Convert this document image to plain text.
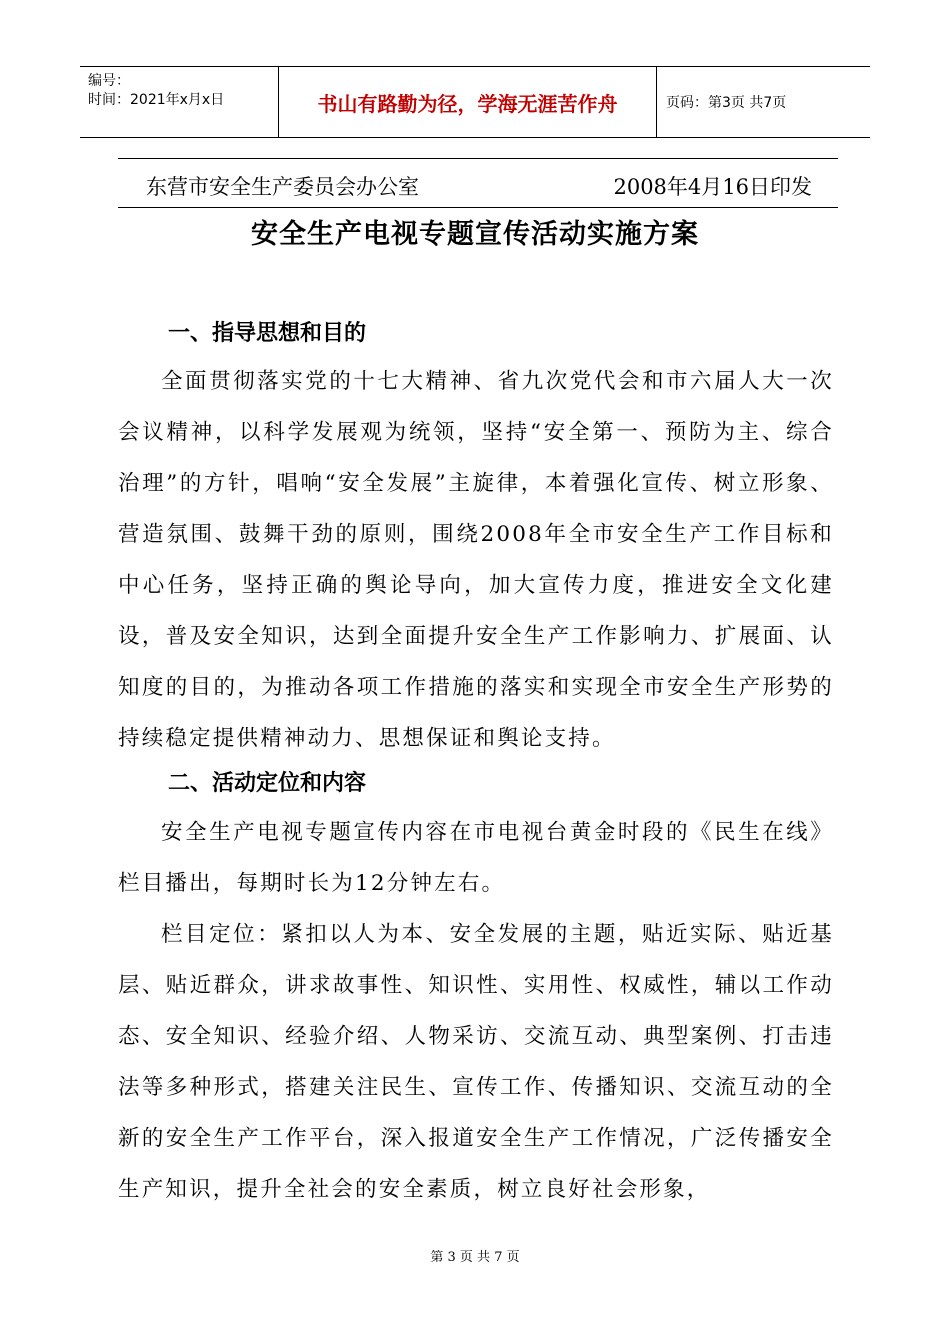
编号：
时间：2021年x月x日	书山有路勤为径，学海无涯苦作舟	页码：第3页 共7页
东营市安全生产委员会办公室	2008年4月16日印发
安全生产电视专题宣传活动实施方案
一、指导思想和目的

全面贯彻落实党的十七大精神、省九次党代会和市六届人大一次会议精神，以科学发展观为统领，坚持“安全第一、预防为主、综合治理”的方针，唱响“安全发展”主旋律，本着强化宣传、树立形象、营造氛围、鼓舞干劲的原则，围绕2008年全市安全生产工作目标和中心任务，坚持正确的舆论导向，加大宣传力度，推进安全文化建设，普及安全知识，达到全面提升安全生产工作影响力、扩展面、认知度的目的，为推动各项工作措施的落实和实现全市安全生产形势的持续稳定提供精神动力、思想保证和舆论支持。

二、活动定位和内容

安全生产电视专题宣传内容在市电视台黄金时段的《民生在线》栏目播出，每期时长为12分钟左右。

栏目定位：紧扣以人为本、安全发展的主题，贴近实际、贴近基层、贴近群众，讲求故事性、知识性、实用性、权威性，辅以工作动态、安全知识、经验介绍、人物采访、交流互动、典型案例、打击违法等多种形式，搭建关注民生、宣传工作、传播知识、交流互动的全新的安全生产工作平台，深入报道安全生产工作情况，广泛传播安全生产知识，提升全社会的安全素质，树立良好社会形象，

第 3 页 共 7 页
